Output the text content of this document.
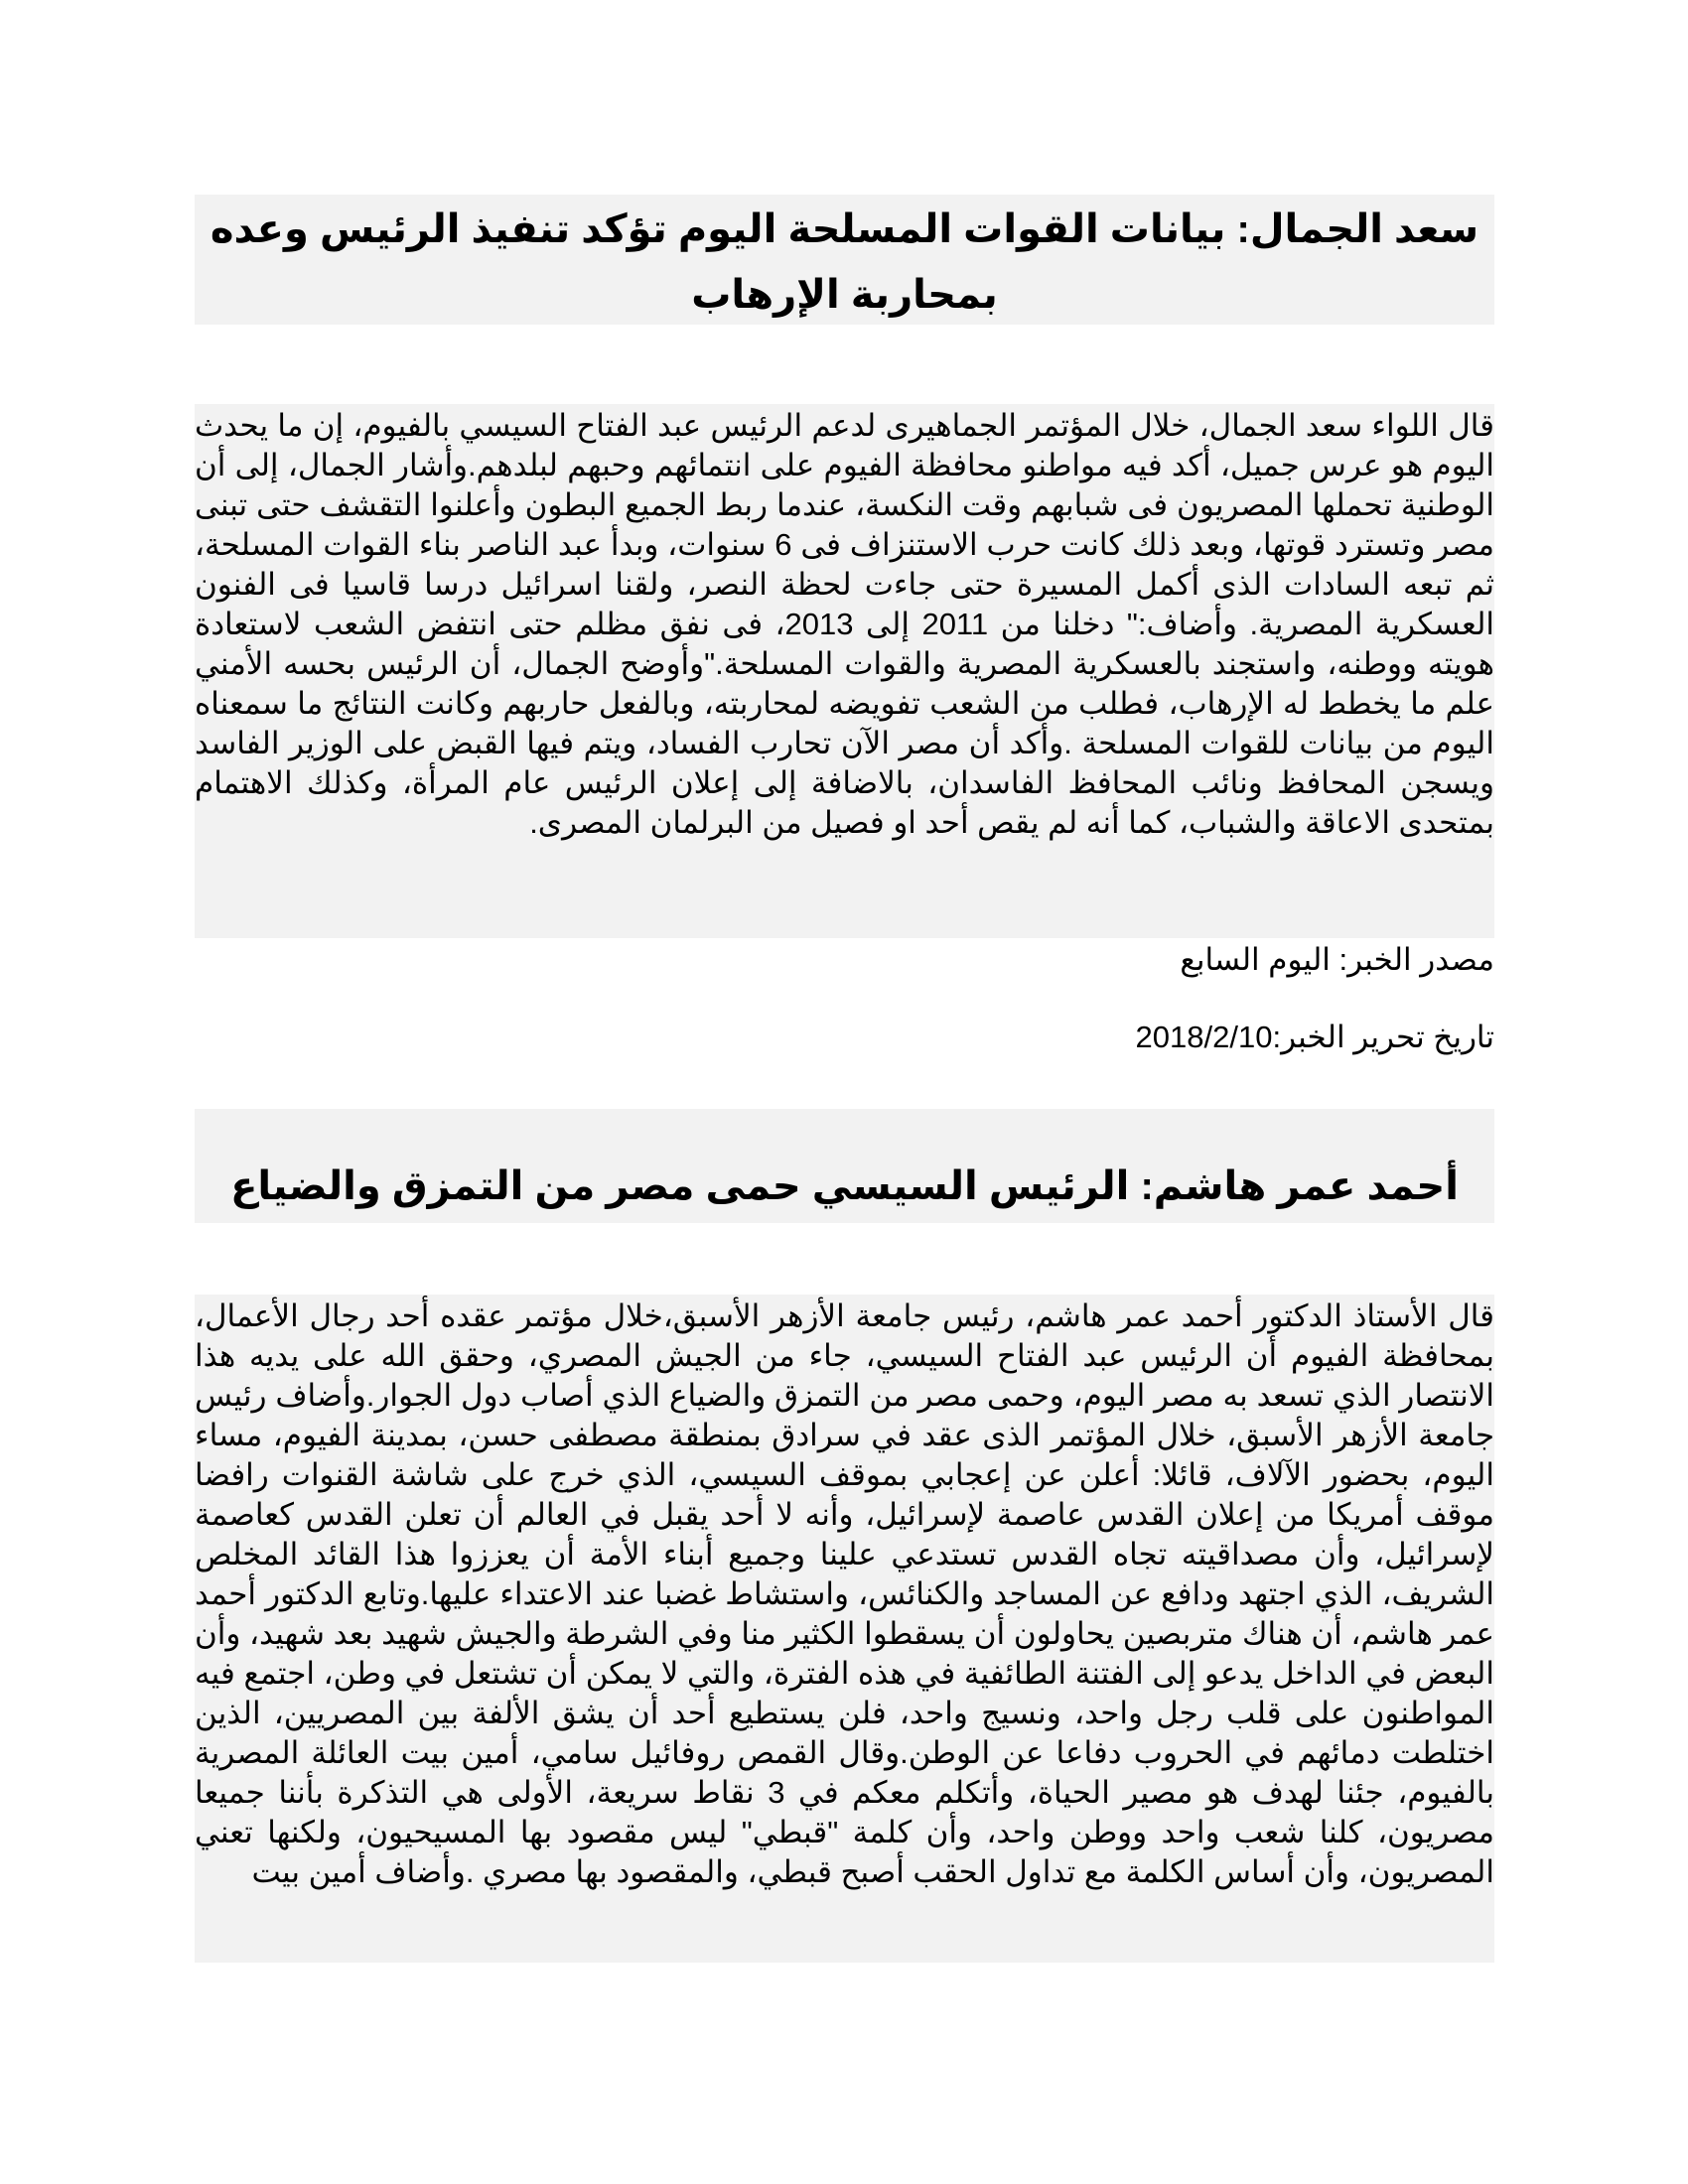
سعد الجمال: بيانات القوات المسلحة اليوم تؤكد تنفيذ الرئيس وعده بمحاربة الإرهاب

قال اللواء سعد الجمال، خلال المؤتمر الجماهيرى لدعم الرئيس عبد الفتاح السيسي بالفيوم، إن ما يحدث اليوم هو عرس جميل، أكد فيه مواطنو محافظة الفيوم على انتمائهم وحبهم لبلدهم.وأشار الجمال، إلى أن الوطنية تحملها المصريون فى شبابهم وقت النكسة، عندما ربط الجميع البطون وأعلنوا التقشف حتى تبنى مصر وتسترد قوتها، وبعد ذلك كانت حرب الاستنزاف فى 6 سنوات، وبدأ عبد الناصر بناء القوات المسلحة، ثم تبعه السادات الذى أكمل المسيرة حتى جاءت لحظة النصر، ولقنا اسرائيل درسا قاسيا فى الفنون العسكرية المصرية. وأضاف:" دخلنا من 2011 إلى 2013، فى نفق مظلم حتى انتفض الشعب لاستعادة هويته ووطنه، واستجند بالعسكرية المصرية والقوات المسلحة."وأوضح الجمال، أن الرئيس بحسه الأمني علم ما يخطط له الإرهاب، فطلب من الشعب تفويضه لمحاربته، وبالفعل حاربهم وكانت النتائج ما سمعناه اليوم من بيانات للقوات المسلحة .وأكد أن مصر الآن تحارب الفساد، ويتم فيها القبض على الوزير الفاسد ويسجن المحافظ ونائب المحافظ الفاسدان، بالاضافة إلى إعلان الرئيس عام المرأة، وكذلك الاهتمام بمتحدى الاعاقة والشباب، كما أنه لم يقص أحد او فصيل من البرلمان المصرى.

مصدر الخبر: اليوم السابع

تاريخ تحرير الخبر:2018/2/10

أحمد عمر هاشم: الرئيس السيسي حمى مصر من التمزق والضياع

قال الأستاذ الدكتور أحمد عمر هاشم، رئيس جامعة الأزهر الأسبق،خلال مؤتمر عقده أحد رجال الأعمال، بمحافظة الفيوم أن الرئيس عبد الفتاح السيسي، جاء من الجيش المصري، وحقق الله على يديه هذا الانتصار الذي تسعد به مصر اليوم، وحمى مصر من التمزق والضياع الذي أصاب دول الجوار.وأضاف رئيس جامعة الأزهر الأسبق، خلال المؤتمر الذى عقد في سرادق بمنطقة مصطفى حسن، بمدينة الفيوم، مساء اليوم، بحضور الآلاف، قائلا: أعلن عن إعجابي بموقف السيسي، الذي خرج على شاشة القنوات رافضا موقف أمريكا من إعلان القدس عاصمة لإسرائيل، وأنه لا أحد يقبل في العالم أن تعلن القدس كعاصمة لإسرائيل، وأن مصداقيته تجاه القدس تستدعي علينا وجميع أبناء الأمة أن يعززوا هذا القائد المخلص الشريف، الذي اجتهد ودافع عن المساجد والكنائس، واستشاط غضبا عند الاعتداء عليها.وتابع الدكتور أحمد عمر هاشم، أن هناك متربصين يحاولون أن يسقطوا الكثير منا وفي الشرطة والجيش شهيد بعد شهيد، وأن البعض في الداخل يدعو إلى الفتنة الطائفية في هذه الفترة، والتي لا يمكن أن تشتعل في وطن، اجتمع فيه المواطنون على قلب رجل واحد، ونسيج واحد، فلن يستطيع أحد أن يشق الألفة بين المصريين، الذين اختلطت دمائهم في الحروب دفاعا عن الوطن.وقال القمص روفائيل سامي، أمين بيت العائلة المصرية بالفيوم، جئنا لهدف هو مصير الحياة، وأتكلم معكم في 3 نقاط سريعة، الأولى هي التذكرة بأننا جميعا مصريون، كلنا شعب واحد ووطن واحد، وأن كلمة "قبطي" ليس مقصود بها المسيحيون، ولكنها تعني المصريون، وأن أساس الكلمة مع تداول الحقب أصبح قبطي، والمقصود بها مصري .وأضاف أمين بيت
